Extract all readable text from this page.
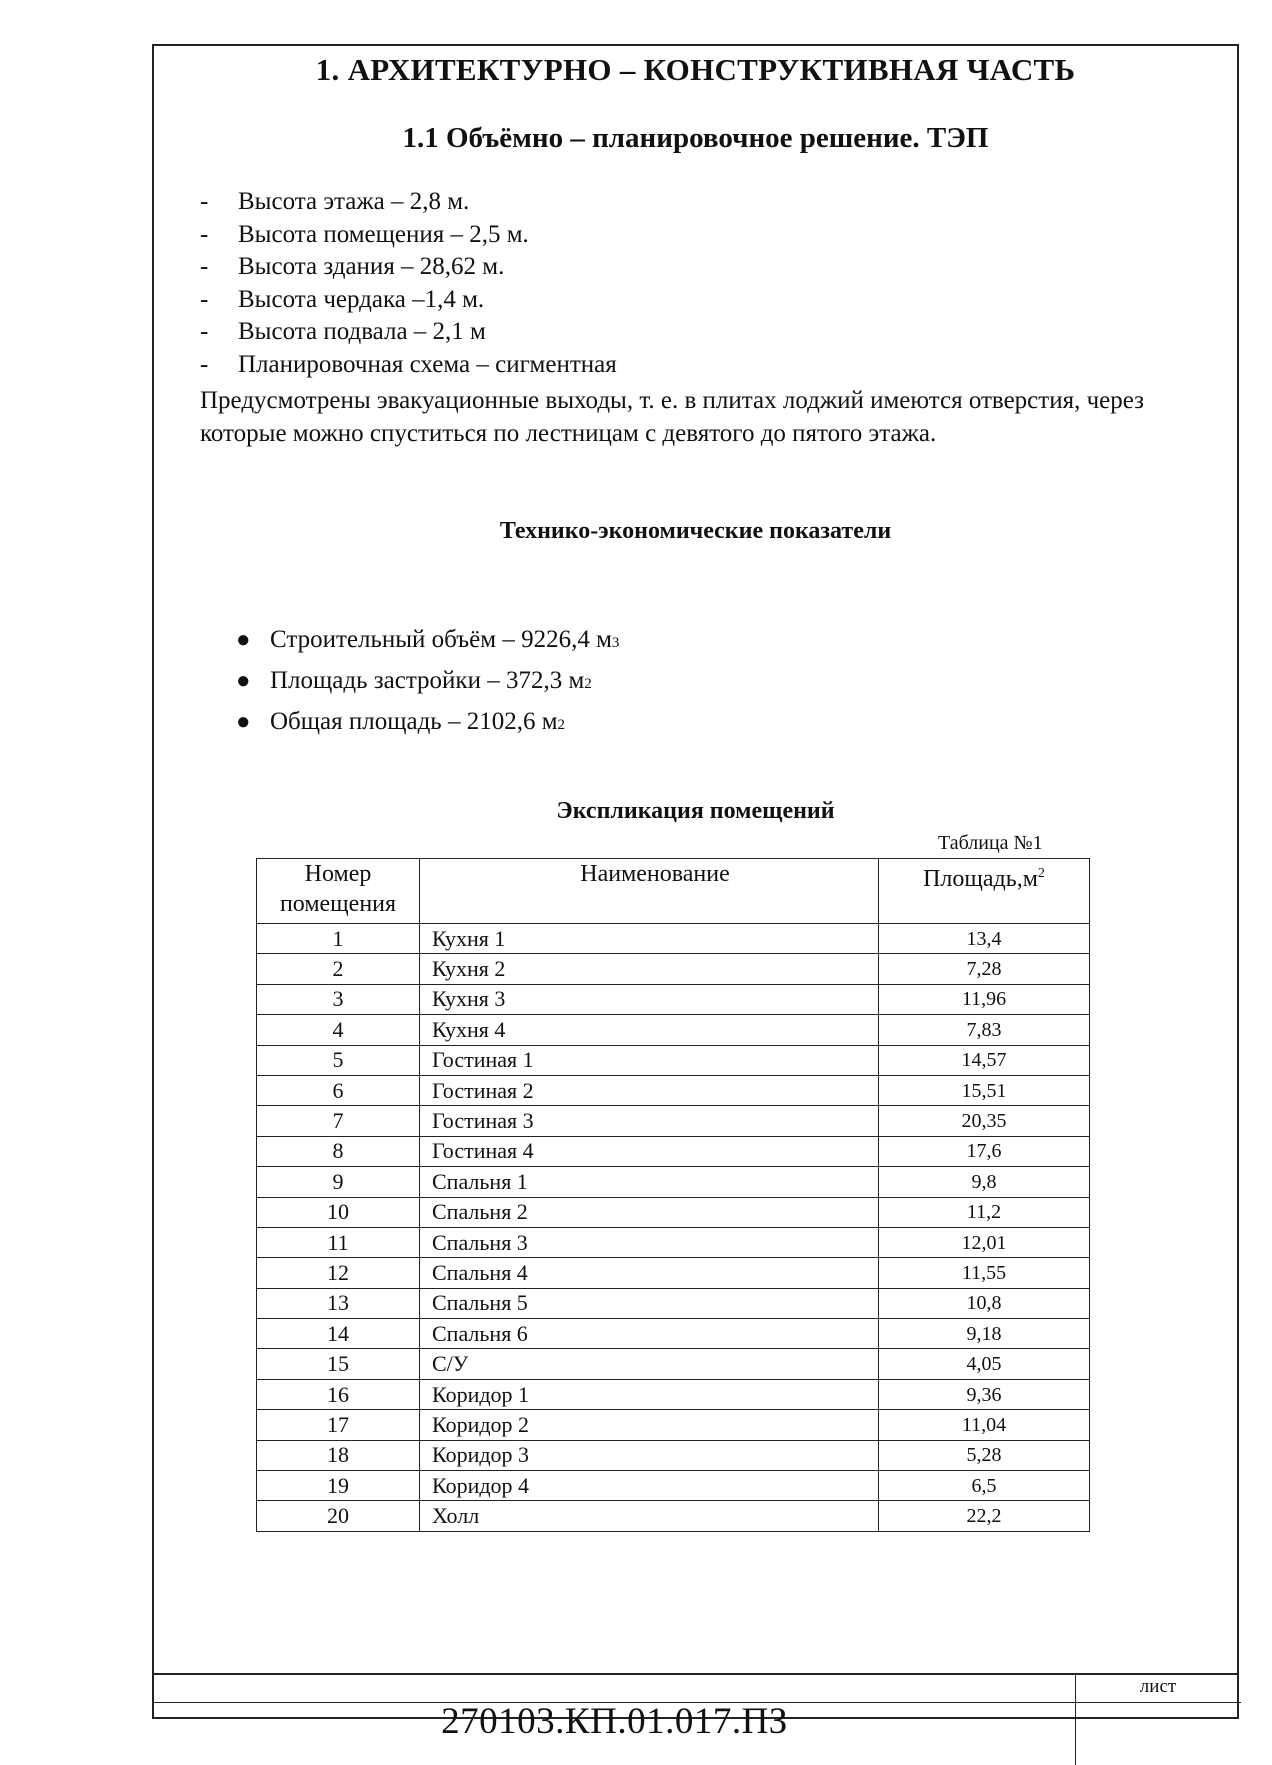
1. АРХИТЕКТУРНО – КОНСТРУКТИВНАЯ ЧАСТЬ
1.1 Объёмно – планировочное решение. ТЭП
-	Высота этажа – 2,8 м.
-	Высота помещения – 2,5 м.
-	Высота здания – 28,62 м.
-	Высота чердака –1,4 м.
-	Высота подвала – 2,1 м
-	Планировочная схема – сигментная

Предусмотрены эвакуационные выходы, т. е. в плитах лоджий имеются отверстия, через которые можно спуститься по лестницам с девятого до пятого этажа.

Технико-экономические показатели
● Строительный объём – 9226,4 м 3
● Площадь застройки – 372,3 м 2
● Общая площадь – 2102,6 м 2
Экспликация помещений
Таблица №1
Номер помещения	Наименование	$Площадь,м^2$
1	Кухня 1	13,4
2	Кухня 2	7,28
3	Кухня 3	11,96
4	Кухня 4	7,83
5	Гостиная 1	14,57
6	Гостиная 2	15,51
7	Гостиная 3	20,35
8	Гостиная 4	17,6
9	Спальня 1	9,8
10	Спальня 2	11,2
11	Спальня 3	12,01
12	Спальня 4	11,55
13	Спальня 5	10,8
14	Спальня 6	9,18
15	С/У	4,05
16	Коридор 1	9,36
17	Коридор 2	11,04
18	Коридор 3	5,28
19	Коридор 4	6,5
20	Холл	22,2
лист
270103.КП.01.017.ПЗ
